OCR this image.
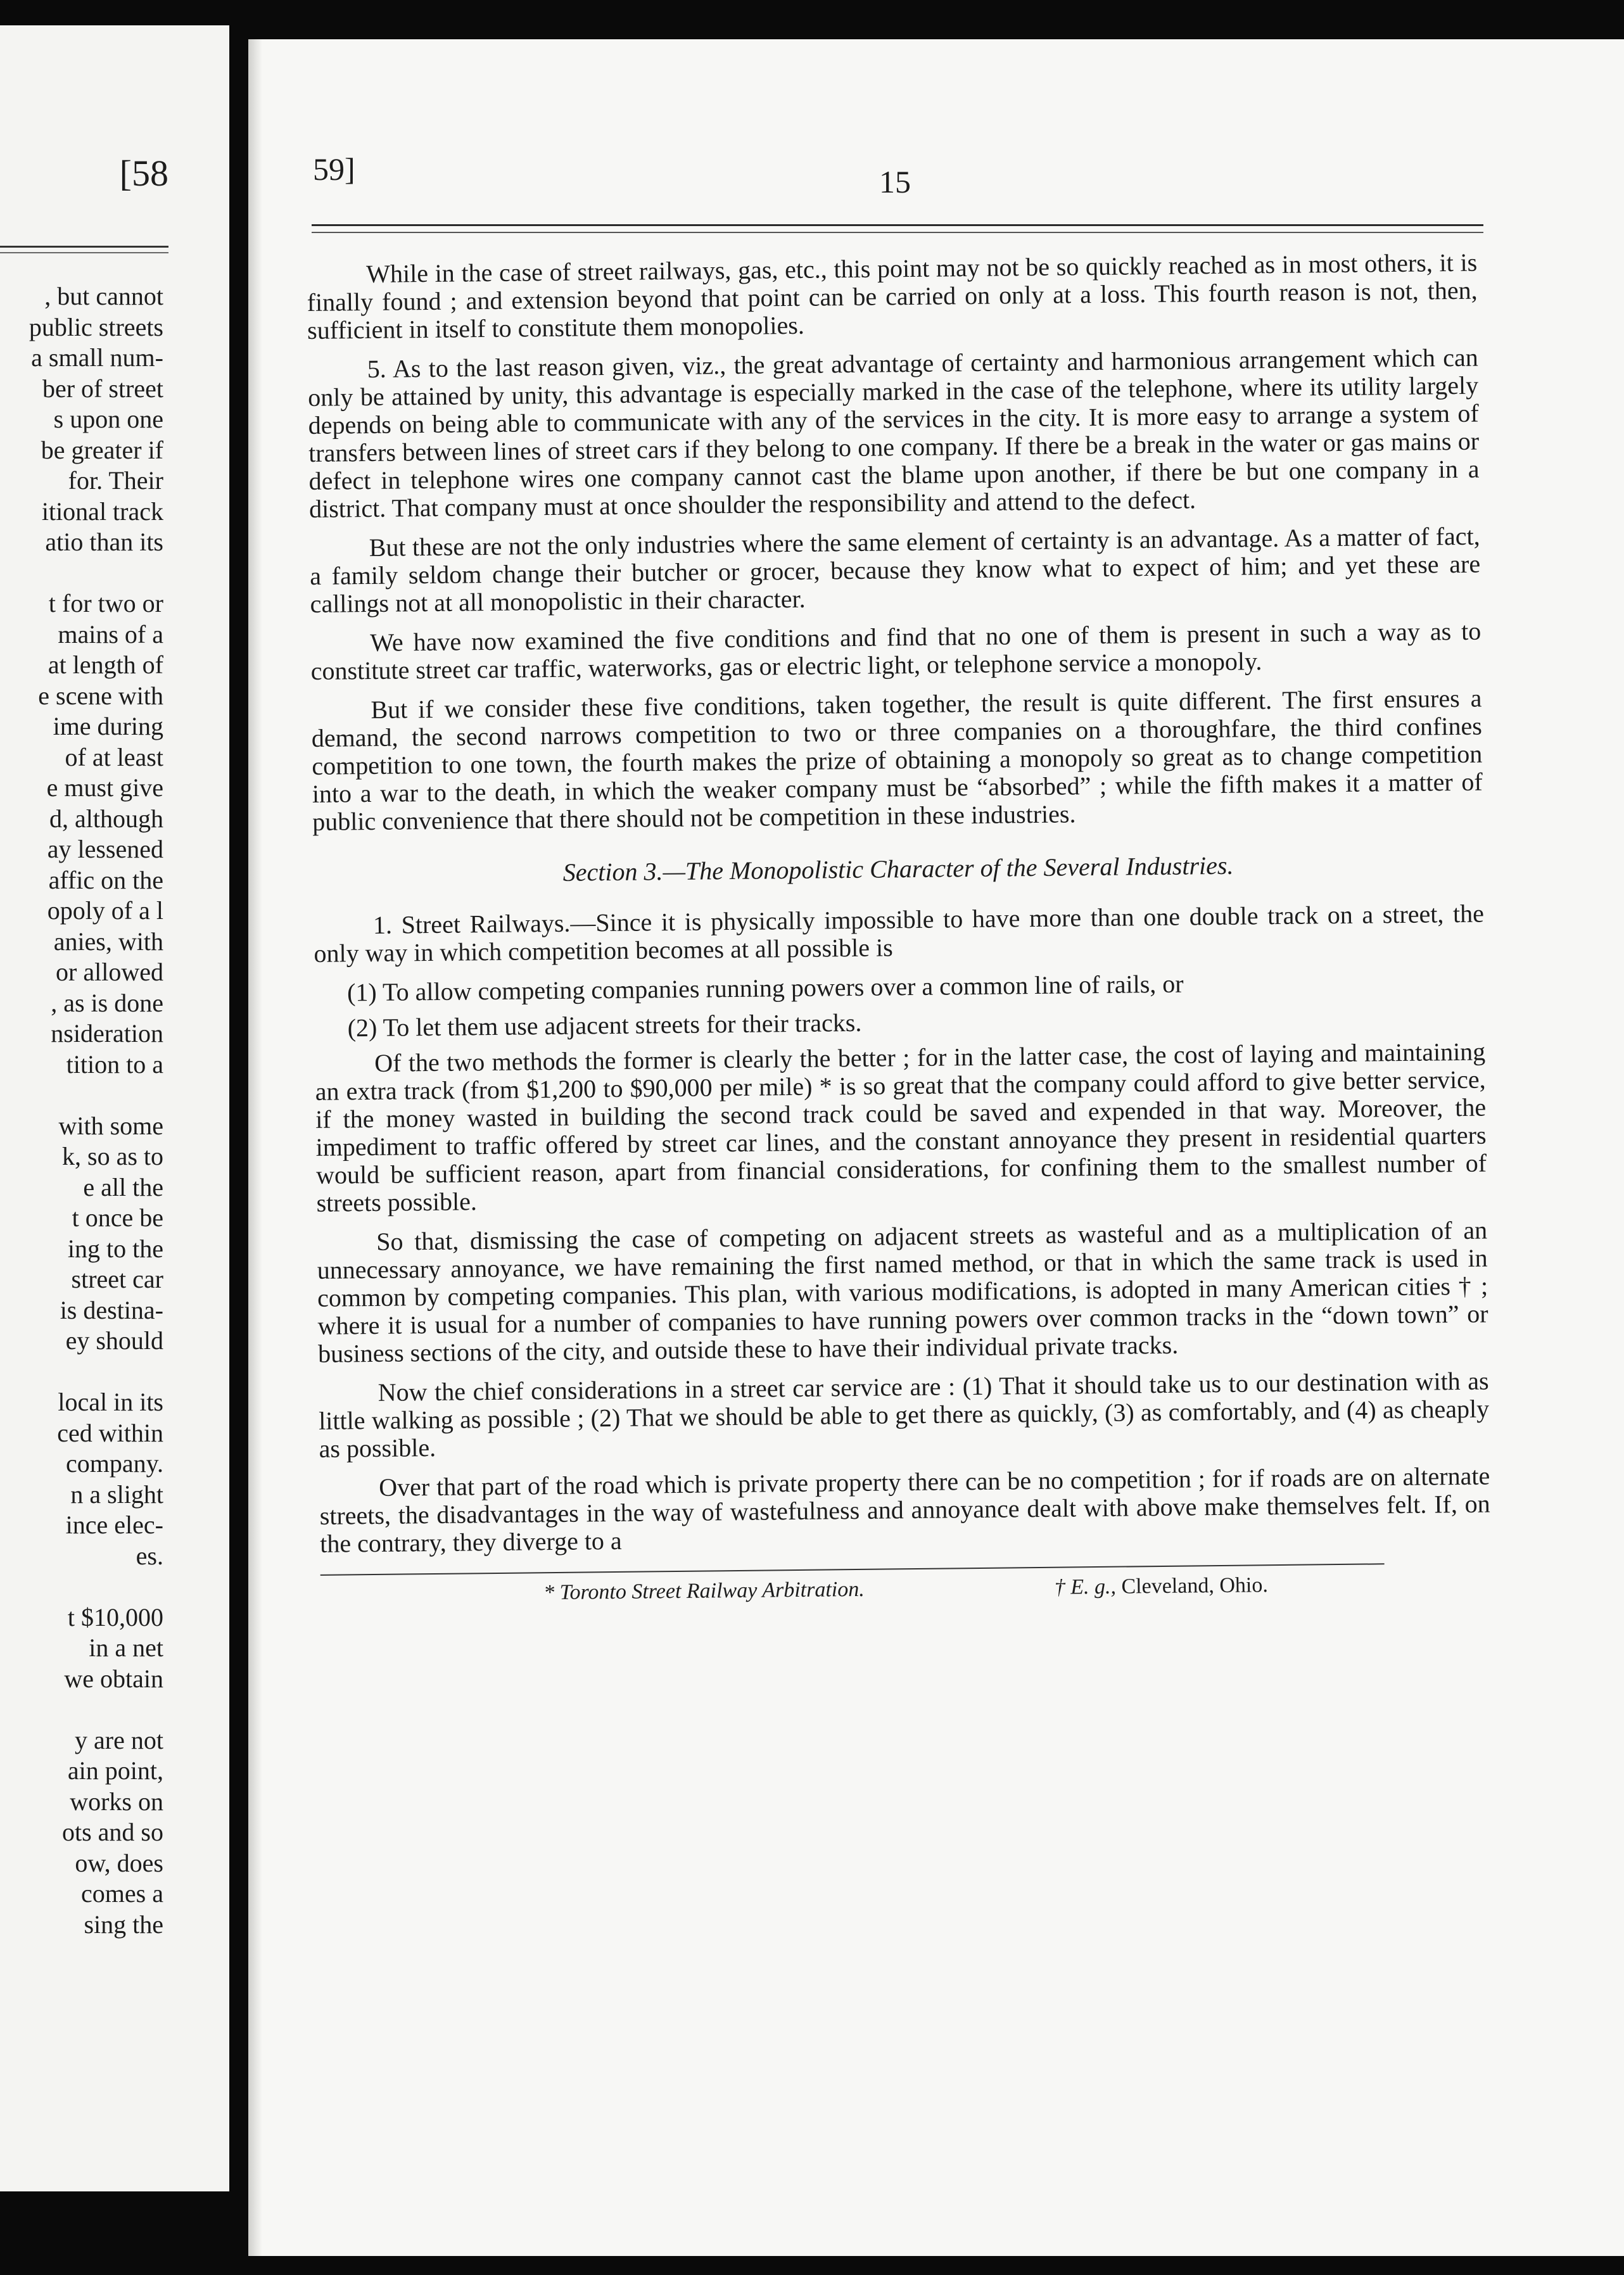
[58
, but cannot
public streets
a small num-
ber of street
s upon one
be greater if
for. Their
itional track
atio than its
t for two or
mains of a
at length of
e scene with
ime during
of at least
e must give
d, although
ay lessened
affic on the
opoly of a l
anies, with
or allowed
, as is done
nsideration
tition to a
with some
k, so as to
e all the
t once be
ing to the
street car
is destina-
ey should
local in its
ced within
company.
n a slight
ince elec-
es.
t $10,000
in a net
we obtain
y are not
ain point,
works on
ots and so
ow, does
comes a
sing the
59]	15

While in the case of street railways, gas, etc., this point may not be so quickly reached as in most others, it is finally found ; and extension beyond that point can be carried on only at a loss. This fourth reason is not, then, sufficient in itself to constitute them monopolies.

5. As to the last reason given, viz., the great advantage of certainty and harmonious arrangement which can only be attained by unity, this advantage is especially marked in the case of the telephone, where its utility largely depends on being able to communicate with any of the services in the city. It is more easy to arrange a system of transfers between lines of street cars if they belong to one company. If there be a break in the water or gas mains or defect in telephone wires one company cannot cast the blame upon another, if there be but one company in a district. That company must at once shoulder the responsibility and attend to the defect.

But these are not the only industries where the same element of certainty is an advantage. As a matter of fact, a family seldom change their butcher or grocer, because they know what to expect of him; and yet these are callings not at all monopolistic in their character.

We have now examined the five conditions and find that no one of them is present in such a way as to constitute street car traffic, waterworks, gas or electric light, or telephone service a monopoly.

But if we consider these five conditions, taken together, the result is quite different. The first ensures a demand, the second narrows competition to two or three companies on a thoroughfare, the third confines competition to one town, the fourth makes the prize of obtaining a monopoly so great as to change competition into a war to the death, in which the weaker company must be “absorbed” ; while the fifth makes it a matter of public convenience that there should not be competition in these industries.

Section 3.—The Monopolistic Character of the Several Industries.

1. Street Railways.—Since it is physically impossible to have more than one double track on a street, the only way in which competition becomes at all possible is

(1) To allow competing companies running powers over a common line of rails, or

(2) To let them use adjacent streets for their tracks.

Of the two methods the former is clearly the better ; for in the latter case, the cost of laying and maintaining an extra track (from $1,200 to $90,000 per mile) * is so great that the company could afford to give better service, if the money wasted in building the second track could be saved and expended in that way. Moreover, the impediment to traffic offered by street car lines, and the constant annoyance they present in residential quarters would be sufficient reason, apart from financial considerations, for confining them to the smallest number of streets possible.

So that, dismissing the case of competing on adjacent streets as wasteful and as a multiplication of an unnecessary annoyance, we have remaining the first named method, or that in which the same track is used in common by competing companies. This plan, with various modifications, is adopted in many American cities † ; where it is usual for a number of companies to have running powers over common tracks in the “down town” or business sections of the city, and outside these to have their individual private tracks.

Now the chief considerations in a street car service are : (1) That it should take us to our destination with as little walking as possible ; (2) That we should be able to get there as quickly, (3) as comfortably, and (4) as cheaply as possible.

Over that part of the road which is private property there can be no competition ; for if roads are on alternate streets, the disadvantages in the way of wastefulness and annoyance dealt with above make themselves felt. If, on the contrary, they diverge to a

* Toronto Street Railway Arbitration.	† E. g., Cleveland, Ohio.
